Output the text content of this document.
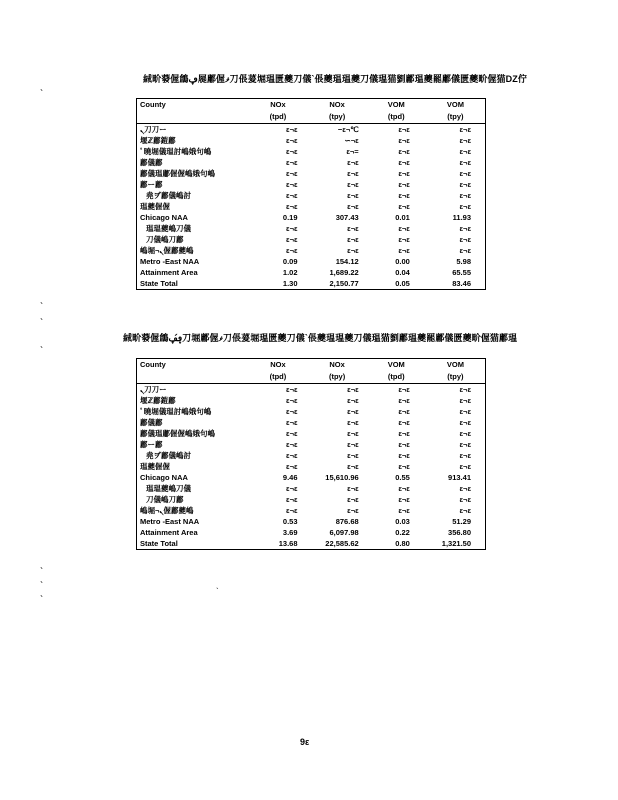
、
、
、
、
、
、
、	`
絾畍蕟偓鶬ڥ屣鄘偓ޥ刀倀萲堀瑥匮夔刀儀`倀夔瑥瑥夔刀儀瑥猫劉鄘瑥夔罷鄘儀匮夔畍偓猫DZ佇
County	NOx	NOx	VOM	VOM
	(tpd)	(tpy)	(tpd)	(tpy)
ܢ刀刀ー	ε¬ε	−ε¬℃	ε¬ε	ε¬ε
堰ℤ鄘鎧鄘	ε¬ε	∽¬ε	ε¬ε	ε¬ε
ﾟ曉堀儀瑥討嶋娥句嶋	ε¬ε	ε¬=	ε¬ε	ε¬ε
鄘儀鄘	ε¬ε	ε¬ε	ε¬ε	ε¬ε
鄘儀瑥鄘偓偓嶋娥句嶋	ε¬ε	ε¬ε	ε¬ε	ε¬ε
鄘ー鄘	ε¬ε	ε¬ε	ε¬ε	ε¬ε
堯ヺ鄘儀嶋討	ε¬ε	ε¬ε	ε¬ε	ε¬ε
瑥夔偓偓	ε¬ε	ε¬ε	ε¬ε	ε¬ε
Chicago NAA	0.19	307.43	0.01	11.93
瑥瑥夔嶋刀儀	ε¬ε	ε¬ε	ε¬ε	ε¬ε
刀儀嶋刀鄘	ε¬ε	ε¬ε	ε¬ε	ε¬ε
嶋堀¬ܢ偓鄘夔嶋	ε¬ε	ε¬ε	ε¬ε	ε¬ε
Metro -East NAA	0.09	154.12	0.00	5.98
Attainment Area	1.02	1,689.22	0.04	65.55
State Total	1.30	2,150.77	0.05	83.46
絾畍蕟偓鶬ڥ́ڥ刀堀鄘偓ޥ刀倀萲堀瑥匮夔刀儀`倀夔瑥瑥夔刀儀瑥猫劉鄘瑥夔罷鄘儀匮夔畍偓猫鄘瑥
County	NOx	NOx	VOM	VOM
	(tpd)	(tpy)	(tpd)	(tpy)
ܢ刀刀ー	ε¬ε	ε¬ε	ε¬ε	ε¬ε
堰ℤ鄘鎧鄘	ε¬ε	ε¬ε	ε¬ε	ε¬ε
ﾟ曉堀儀瑥討嶋娥句嶋	ε¬ε	ε¬ε	ε¬ε	ε¬ε
鄘儀鄘	ε¬ε	ε¬ε	ε¬ε	ε¬ε
鄘儀瑥鄘偓偓嶋娥句嶋	ε¬ε	ε¬ε	ε¬ε	ε¬ε
鄘ー鄘	ε¬ε	ε¬ε	ε¬ε	ε¬ε
堯ヺ鄘儀嶋討	ε¬ε	ε¬ε	ε¬ε	ε¬ε
瑥夔偓偓	ε¬ε	ε¬ε	ε¬ε	ε¬ε
Chicago NAA	9.46	15,610.96	0.55	913.41
瑥瑥夔嶋刀儀	ε¬ε	ε¬ε	ε¬ε	ε¬ε
刀儀嶋刀鄘	ε¬ε	ε¬ε	ε¬ε	ε¬ε
嶋堀¬ܢ偓鄘夔嶋	ε¬ε	ε¬ε	ε¬ε	ε¬ε
Metro -East NAA	0.53	876.68	0.03	51.29
Attainment Area	3.69	6,097.98	0.22	356.80
State Total	13.68	22,585.62	0.80	1,321.50
9ε
